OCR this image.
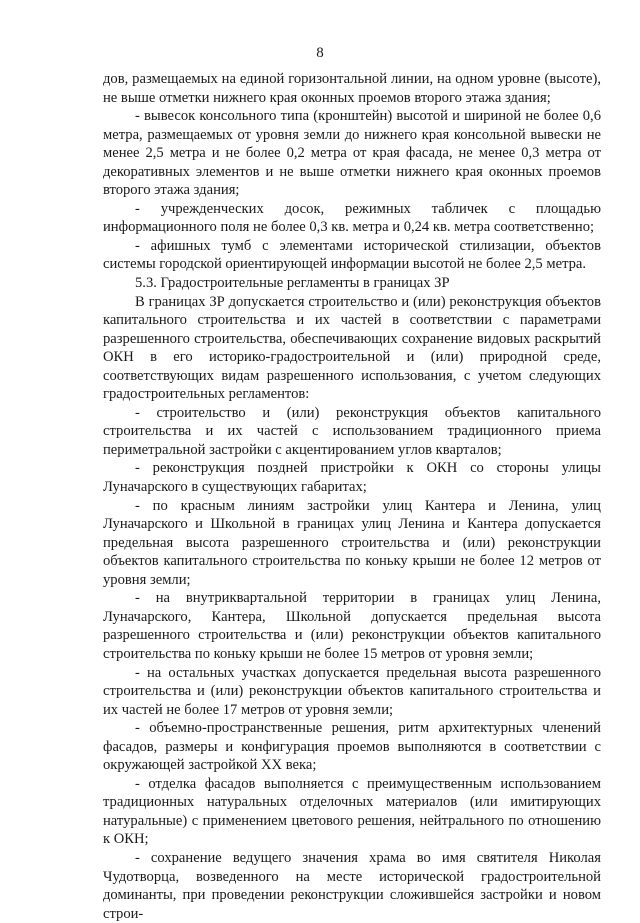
8

дов, размещаемых на единой горизонтальной линии, на одном уровне (высоте), не выше отметки нижнего края оконных проемов второго этажа здания;

- вывесок консольного типа (кронштейн) высотой и шириной не более 0,6 метра, размещаемых от уровня земли до нижнего края консольной вывески не менее 2,5 метра и не более 0,2 метра от края фасада, не менее 0,3 метра от декоративных элементов и не выше отметки нижнего края оконных проемов второго этажа здания;

- учрежденческих досок, режимных табличек с площадью информационного поля не более 0,3 кв. метра и 0,24 кв. метра соответственно;

- афишных тумб с элементами исторической стилизации, объектов системы городской ориентирующей информации высотой не более 2,5 метра.

5.3. Градостроительные регламенты в границах ЗР

В границах ЗР допускается строительство и (или) реконструкция объектов капитального строительства и их частей в соответствии с параметрами разрешенного строительства, обеспечивающих сохранение видовых раскрытий ОКН в его историко-градостроительной и (или) природной среде, соответствующих видам разрешенного использования, с учетом следующих градостроительных регламентов:

- строительство и (или) реконструкция объектов капитального строительства и их частей с использованием традиционного приема периметральной застройки с акцентированием углов кварталов;

- реконструкция поздней пристройки к ОКН со стороны улицы Луначарского в существующих габаритах;

- по красным линиям застройки улиц Кантера и Ленина, улиц Луначарского и Школьной в границах улиц Ленина и Кантера допускается предельная высота разрешенного строительства и (или) реконструкции объектов капитального строительства по коньку крыши не более 12 метров от уровня земли;

- на внутриквартальной территории в границах улиц Ленина, Луначарского, Кантера, Школьной допускается предельная высота разрешенного строительства и (или) реконструкции объектов капитального строительства по коньку крыши не более 15 метров от уровня земли;

- на остальных участках допускается предельная высота разрешенного строительства и (или) реконструкции объектов капитального строительства и их частей не более 17 метров от уровня земли;

- объемно-пространственные решения, ритм архитектурных членений фасадов, размеры и конфигурация проемов выполняются в соответствии с окружающей застройкой XX века;

- отделка фасадов выполняется с преимущественным использованием традиционных натуральных отделочных материалов (или имитирующих натуральные) с применением цветового решения, нейтрального по отношению к ОКН;

- сохранение ведущего значения храма во имя святителя Николая Чудотворца, возведенного на месте исторической градостроительной доминанты, при проведении реконструкции сложившейся застройки и новом строи-
